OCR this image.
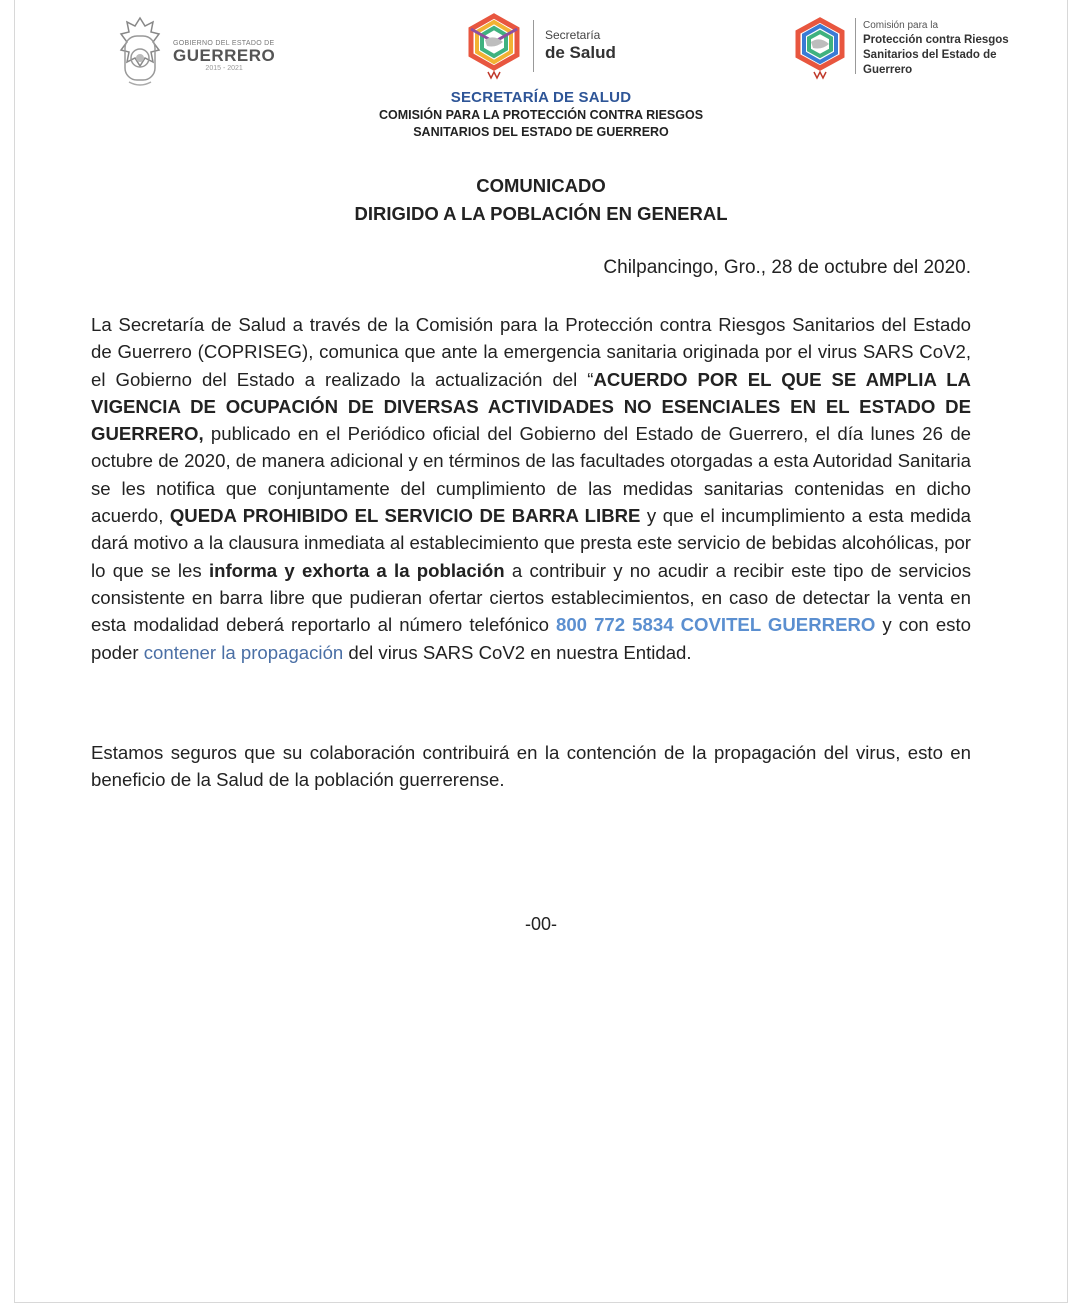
GOBIERNO DEL ESTADO DE
GUERRERO
2015 - 2021
Secretaría
de Salud
Comisión para la
Protección contra Riesgos
Sanitarios del Estado de
Guerrero
SECRETARÍA DE SALUD
COMISIÓN PARA LA PROTECCIÓN CONTRA RIESGOS
SANITARIOS DEL ESTADO DE GUERRERO
COMUNICADO
DIRIGIDO A LA POBLACIÓN EN GENERAL
Chilpancingo, Gro., 28 de octubre del 2020.
La Secretaría de Salud a través de la Comisión para la Protección contra Riesgos Sanitarios del Estado de Guerrero (COPRISEG), comunica que ante la emergencia sanitaria originada por el virus SARS CoV2, el Gobierno del Estado a realizado la actualización del “ACUERDO POR EL QUE SE AMPLIA LA VIGENCIA DE OCUPACIÓN DE DIVERSAS ACTIVIDADES NO ESENCIALES EN EL ESTADO DE GUERRERO, publicado en el Periódico oficial del Gobierno del Estado de Guerrero, el día lunes 26 de octubre de 2020, de manera adicional y en términos de las facultades otorgadas a esta Autoridad Sanitaria se les notifica que conjuntamente del cumplimiento de las medidas sanitarias contenidas en dicho acuerdo, QUEDA PROHIBIDO EL SERVICIO DE BARRA LIBRE y que el incumplimiento a esta medida dará motivo a la clausura inmediata al establecimiento que presta este servicio de bebidas alcohólicas, por lo que se les informa y exhorta a la población a contribuir y no acudir a recibir este tipo de servicios consistente en barra libre que pudieran ofertar ciertos establecimientos, en caso de detectar la venta en esta modalidad deberá reportarlo al número telefónico 800 772 5834 COVITEL GUERRERO y con esto poder contener la propagación del virus SARS CoV2 en nuestra Entidad.
Estamos seguros que su colaboración contribuirá en la contención de la propagación del virus, esto en beneficio de la Salud de la población guerrerense.
-00-
